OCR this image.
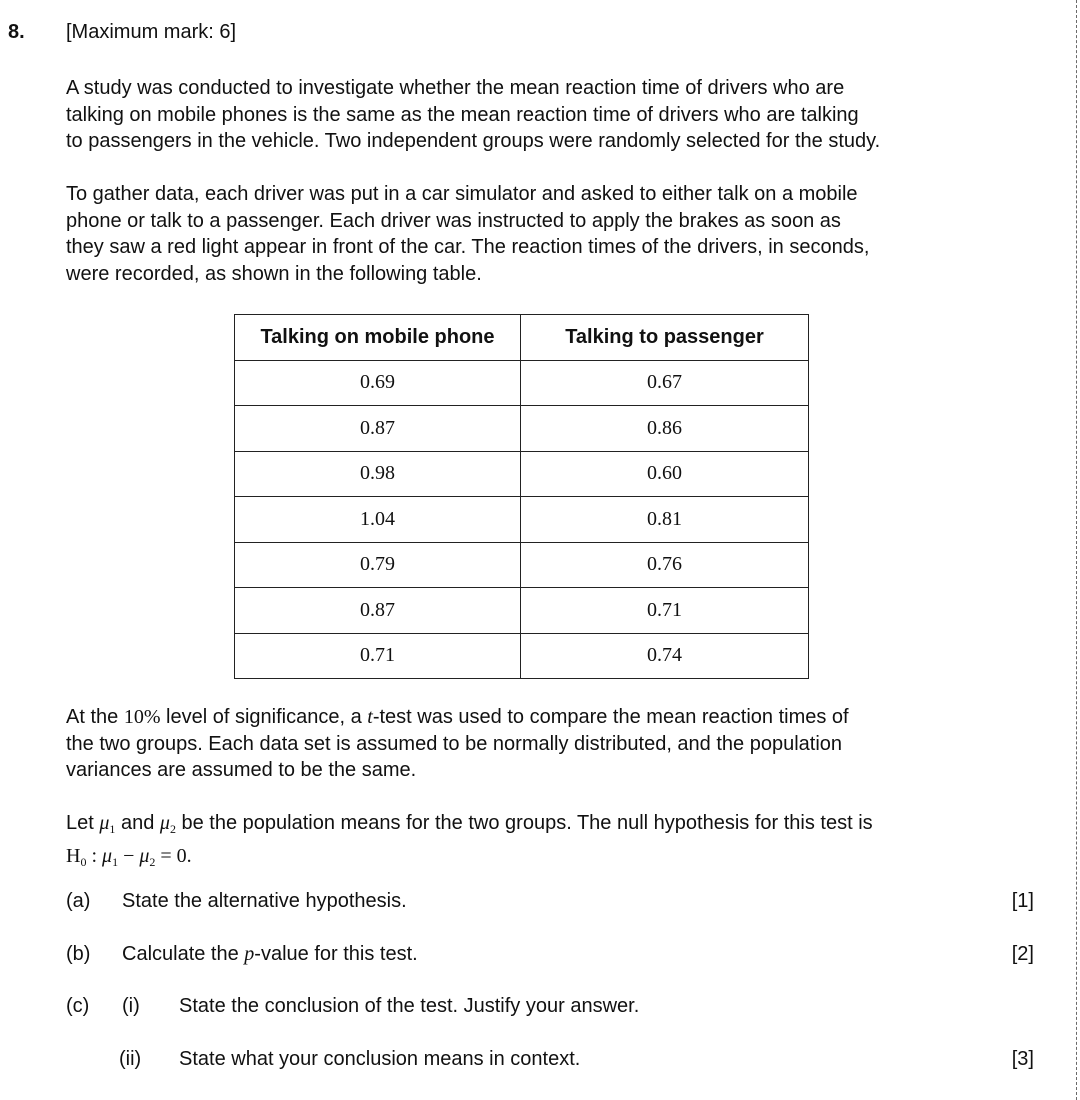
8. [Maximum mark: 6]
A study was conducted to investigate whether the mean reaction time of drivers who are
talking on mobile phones is the same as the mean reaction time of drivers who are talking
to passengers in the vehicle. Two independent groups were randomly selected for the study.
To gather data, each driver was put in a car simulator and asked to either talk on a mobile
phone or talk to a passenger. Each driver was instructed to apply the brakes as soon as
they saw a red light appear in front of the car. The reaction times of the drivers, in seconds,
were recorded, as shown in the following table.
Talking on mobile phone	Talking to passenger
0.69	0.67
0.87	0.86
0.98	0.60
1.04	0.81
0.79	0.76
0.87	0.71
0.71	0.74
At the 10% level of significance, a t-test was used to compare the mean reaction times of
the two groups. Each data set is assumed to be normally distributed, and the population
variances are assumed to be the same.
Let $\mu_1$ and $\mu_2$ be the population means for the two groups. The null hypothesis for this test is
$H_0$ : $\mu_1 - \mu_2 = 0$.
(a) State the alternative hypothesis.	[1]
(b) Calculate the p-value for this test.	[2]
(c) (i) State the conclusion of the test. Justify your answer.
(ii) State what your conclusion means in context.	[3]
